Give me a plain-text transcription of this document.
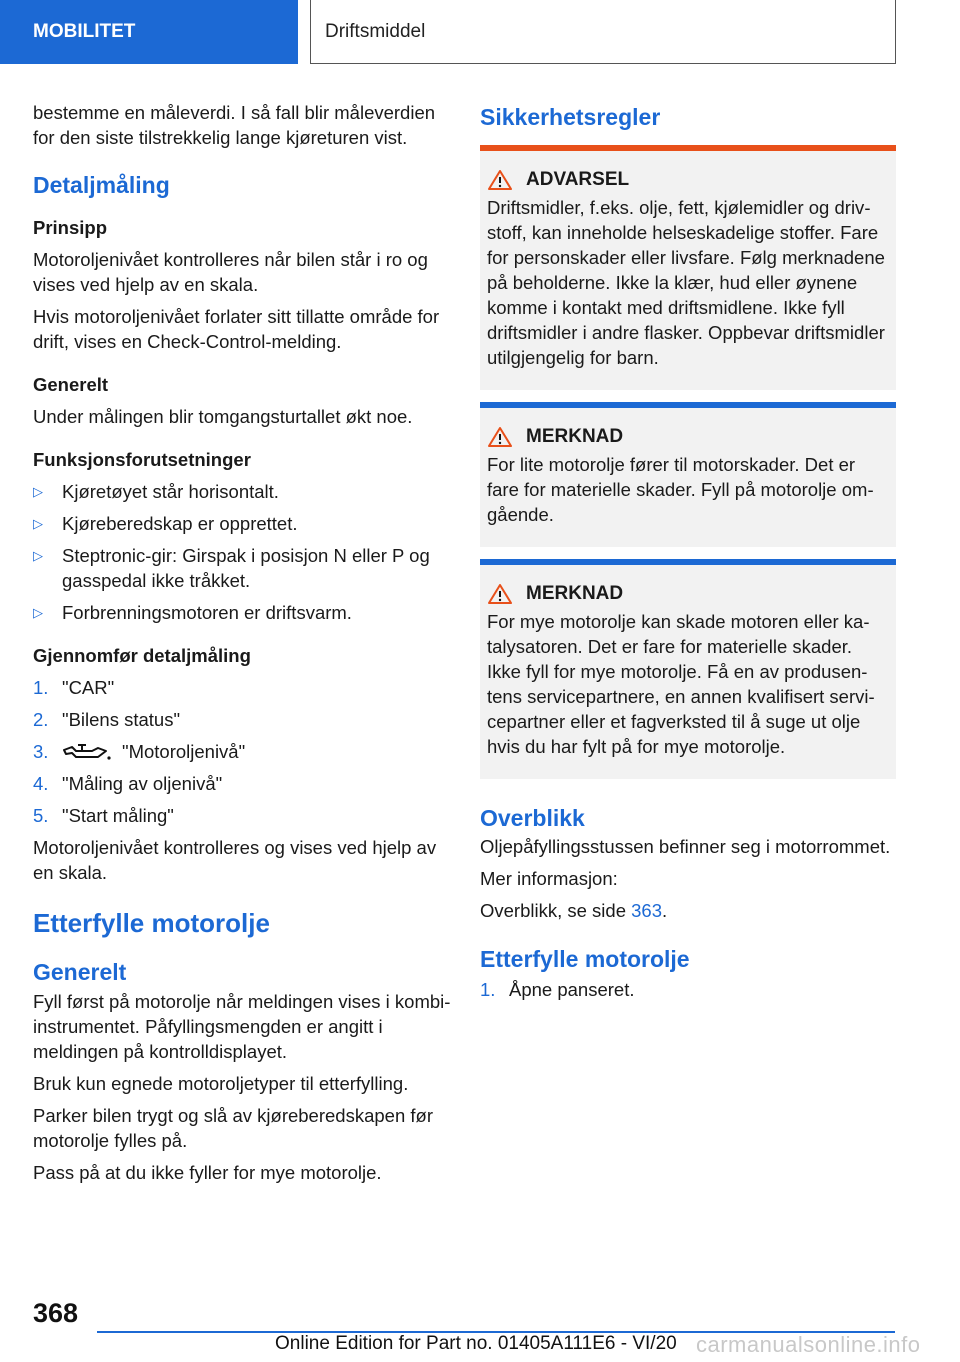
MOBILITET	Driftsmiddel

bestemme en måleverdi. I så fall blir måleverdien for den siste tilstrekkelig lange kjøreturen vist.

Detaljmåling
Prinsipp

Motoroljenivået kontrolleres når bilen står i ro og vises ved hjelp av en skala.

Hvis motoroljenivået forlater sitt tillatte område for drift, vises en Check-Control-melding.

Generelt

Under målingen blir tomgangsturtallet økt noe.

Funksjonsforutsetninger
▷ Kjøretøyet står horisontalt.
▷ Kjøreberedskap er opprettet.
▷ Steptronic-gir: Girspak i posisjon N eller P og gasspedal ikke tråkket.
▷ Forbrenningsmotoren er driftsvarm.
Gjennomfør detaljmåling
1. "CAR"
2. "Bilens status"
3.	"Motoroljenivå"
4. "Måling av oljenivå"
5. "Start måling"

Motoroljenivået kontrolleres og vises ved hjelp av en skala.

Etterfylle motorolje
Generelt

Fyll først på motorolje når meldingen vises i kombi-instrumentet. Påfyllingsmengden er angitt i meldingen på kontrolldisplayet.

Bruk kun egnede motoroljetyper til etterfylling.

Parker bilen trygt og slå av kjøreberedskapen før motorolje fylles på.

Pass på at du ikke fyller for mye motorolje.

Sikkerhetsregler
ADVARSEL

Driftsmidler, f.eks. olje, fett, kjølemidler og drivstoff, kan inneholde helseskadelige stoffer. Fare for personskader eller livsfare. Følg merknadene på beholderne. Ikke la klær, hud eller øynene komme i kontakt med driftsmidlene. Ikke fyll driftsmidler i andre flasker. Oppbevar driftsmidler utilgjengelig for barn.

MERKNAD

For lite motorolje fører til motorskader. Det er fare for materielle skader. Fyll på motorolje omgående.

MERKNAD

For mye motorolje kan skade motoren eller katalysatoren. Det er fare for materielle skader. Ikke fyll for mye motorolje. Få en av produsentens servicepartnere, en annen kvalifisert servicepartner eller et fagverksted til å suge ut olje hvis du har fylt på for mye motorolje.

Overblikk

Oljepåfyllingsstussen befinner seg i motorrommet.

Mer informasjon:

Overblikk, se side 363.

Etterfylle motorolje
1. Åpne panseret.
368
Online Edition for Part no. 01405A111E6 - VI/20 carmanualsonline.info
